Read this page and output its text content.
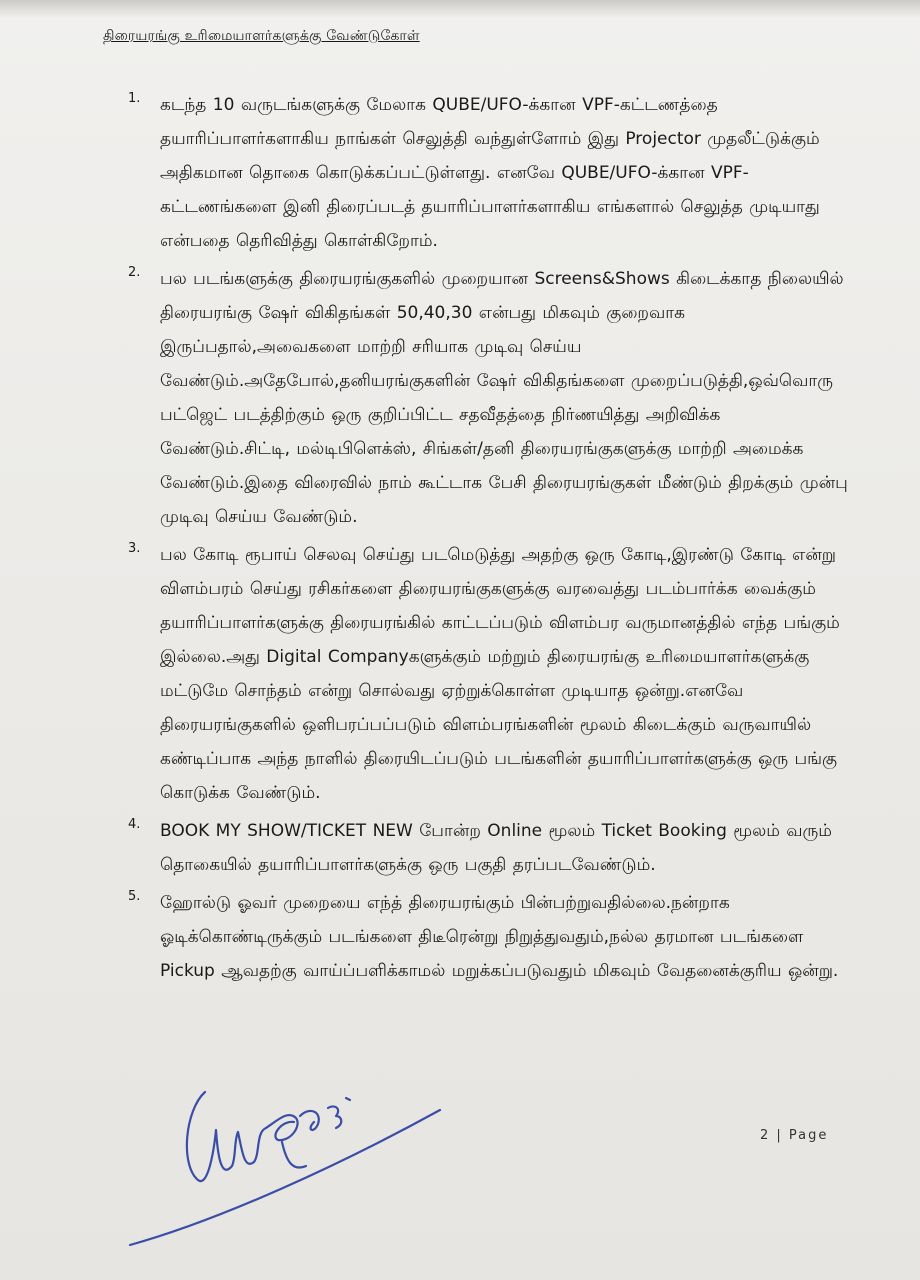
திரையரங்கு உரிமையாளர்களுக்கு வேண்டுகோள்
1. கடந்த 10 வருடங்களுக்கு மேலாக QUBE/UFO-க்கான VPF-கட்டணத்தை தயாரிப்பாளர்களாகிய நாங்கள் செலுத்தி வந்துள்ளோம் இது Projector முதலீட்டுக்கும் அதிகமான தொகை கொடுக்கப்பட்டுள்ளது. எனவே QUBE/UFO-க்கான VPF-கட்டணங்களை இனி திரைப்படத் தயாரிப்பாளர்களாகிய எங்களால் செலுத்த முடியாது என்பதை தெரிவித்து கொள்கிறோம்.

2. பல படங்களுக்கு திரையரங்குகளில் முறையான Screens&Shows கிடைக்காத நிலையில் திரையரங்கு ஷேர் விகிதங்கள் 50,40,30 என்பது மிகவும் குறைவாக இருப்பதால்,அவைகளை மாற்றி சரியாக முடிவு செய்ய வேண்டும்.அதேபோல்,தனியரங்குகளின் ஷேர் விகிதங்களை முறைப்படுத்தி,ஒவ்வொரு பட்ஜெட் படத்திற்கும் ஒரு குறிப்பிட்ட சதவீதத்தை நிர்ணயித்து அறிவிக்க வேண்டும்.சிட்டி, மல்டிபிளெக்ஸ், சிங்கள்/தனி திரையரங்குகளுக்கு மாற்றி அமைக்க வேண்டும்.இதை விரைவில் நாம் கூட்டாக பேசி திரையரங்குகள் மீண்டும் திறக்கும் முன்பு முடிவு செய்ய வேண்டும்.

3. பல கோடி ரூபாய் செலவு செய்து படமெடுத்து அதற்கு ஒரு கோடி,இரண்டு கோடி என்று விளம்பரம் செய்து ரசிகர்களை திரையரங்குகளுக்கு வரவைத்து படம்பார்க்க வைக்கும் தயாரிப்பாளர்களுக்கு திரையரங்கில் காட்டப்படும் விளம்பர வருமானத்தில் எந்த பங்கும் இல்லை.அது Digital Companyகளுக்கும் மற்றும் திரையரங்கு உரிமையாளர்களுக்கு மட்டுமே சொந்தம் என்று சொல்வது ஏற்றுக்கொள்ள முடியாத ஒன்று.எனவே திரையரங்குகளில் ஒளிபரப்பப்படும் விளம்பரங்களின் மூலம் கிடைக்கும் வருவாயில் கண்டிப்பாக அந்த நாளில் திரையிடப்படும் படங்களின் தயாரிப்பாளர்களுக்கு ஒரு பங்கு கொடுக்க வேண்டும்.

4. BOOK MY SHOW/TICKET NEW போன்ற Online மூலம் Ticket Booking மூலம் வரும் தொகையில் தயாரிப்பாளர்களுக்கு ஒரு பகுதி தரப்படவேண்டும்.

5. ஹோல்டு ஓவர் முறையை எந்த் திரையரங்கும் பின்பற்றுவதில்லை.நன்றாக ஓடிக்கொண்டிருக்கும் படங்களை திடீரென்று நிறுத்துவதும்,நல்ல தரமான படங்களை Pickup ஆவதற்கு வாய்ப்பளிக்காமல் மறுக்கப்படுவதும் மிகவும் வேதனைக்குரிய ஒன்று.

2 | Page
